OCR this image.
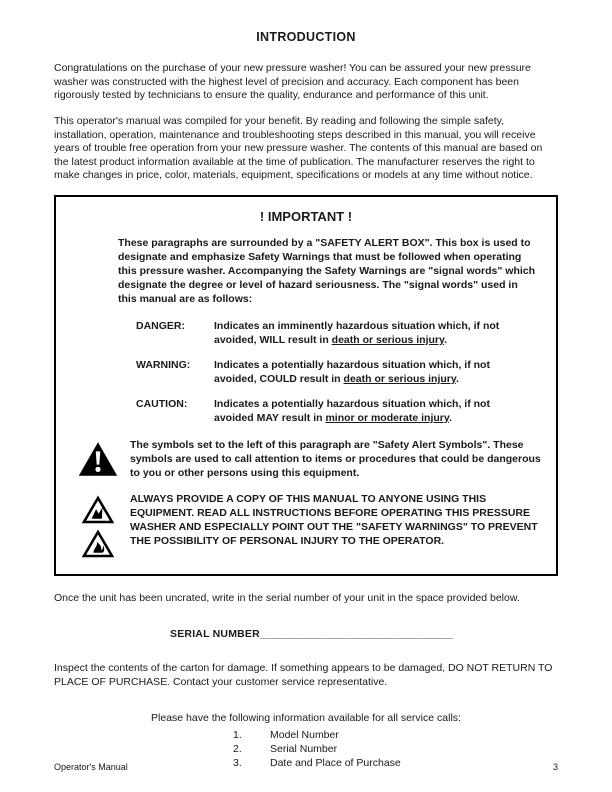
INTRODUCTION

Congratulations on the purchase of your new pressure washer! You can be assured your new pressure washer was constructed with the highest level of precision and accuracy. Each component has been rigorously tested by technicians to ensure the quality, endurance and performance of this unit.

This operator's manual was compiled for your benefit. By reading and following the simple safety, installation, operation, maintenance and troubleshooting steps described in this manual, you will receive years of trouble free operation from your new pressure washer. The contents of this manual are based on the latest product information available at the time of publication. The manufacturer reserves the right to make changes in price, color, materials, equipment, specifications or models at any time without notice.

! IMPORTANT !
These paragraphs are surrounded by a "SAFETY ALERT BOX". This box is used to designate and emphasize Safety Warnings that must be followed when operating this pressure washer. Accompanying the Safety Warnings are "signal words" which designate the degree or level of hazard seriousness. The "signal words" used in this manual are as follows:
DANGER:	Indicates an imminently hazardous situation which, if not avoided, WILL result in death or serious injury.
WARNING:	Indicates a potentially hazardous situation which, if not avoided, COULD result in death or serious injury.
CAUTION:	Indicates a potentially hazardous situation which, if not avoided MAY result in minor or moderate injury.
The symbols set to the left of this paragraph are "Safety Alert Symbols". These symbols are used to call attention to items or procedures that could be dangerous to you or other persons using this equipment.
ALWAYS PROVIDE A COPY OF THIS MANUAL TO ANYONE USING THIS EQUIPMENT. READ ALL INSTRUCTIONS BEFORE OPERATING THIS PRESSURE WASHER AND ESPECIALLY POINT OUT THE "SAFETY WARNINGS" TO PREVENT THE POSSIBILITY OF PERSONAL INJURY TO THE OPERATOR.

Once the unit has been uncrated, write in the serial number of your unit in the space provided below.

SERIAL NUMBER________________________________

Inspect the contents of the carton for damage. If something appears to be damaged, DO NOT RETURN TO PLACE OF PURCHASE. Contact your customer service representative.

Please have the following information available for all service calls:
1.	Model Number
2.	Serial Number
3.	Date and Place of Purchase
Operator's Manual	3
